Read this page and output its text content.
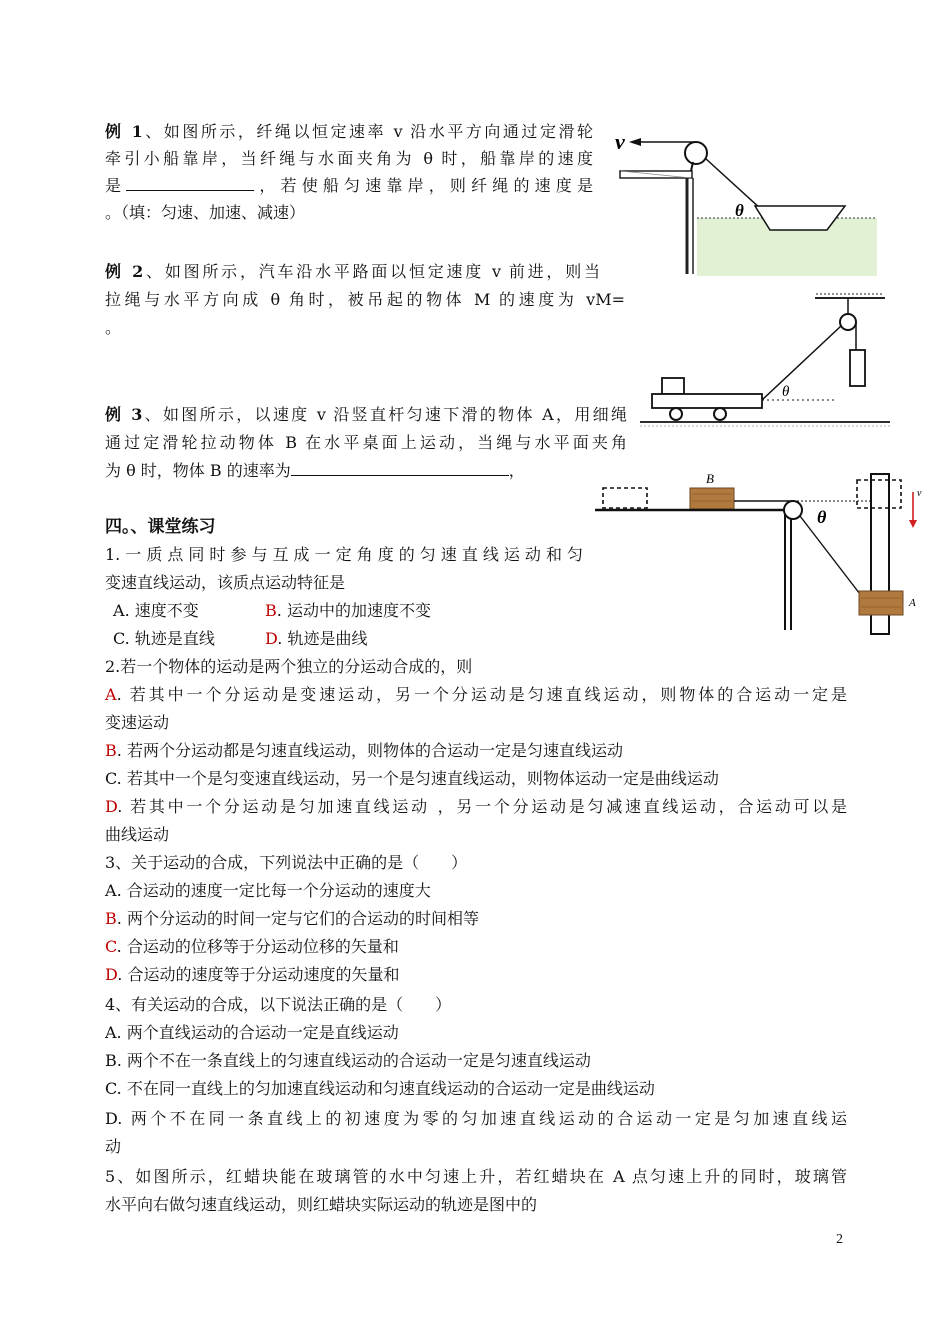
例 1、如图所示，纤绳以恒定速率 v 沿水平方向通过定滑轮
牵引小船靠岸，当纤绳与水面夹角为 θ 时，船靠岸的速度
是	，若使船匀速靠岸，则纤绳的速度是
。（填：匀速、加速、减速）
例 2、如图所示，汽车沿水平路面以恒定速度 v 前进，则当
拉绳与水平方向成 θ 角时，被吊起的物体 M 的速度为 vM=
。
例 3、如图所示，以速度 v 沿竖直杆匀速下滑的物体 A，用细绳
通过定滑轮拉动物体 B 在水平桌面上运动，当绳与水平面夹角
为 θ 时，物体 B 的速率为	，
四。、课堂练习
1.一质点同时参与互成一定角度的匀速直线运动和匀
变速直线运动，该质点运动特征是
A. 速度不变	B. 运动中的加速度不变
C. 轨迹是直线	D. 轨迹是曲线
2.若一个物体的运动是两个独立的分运动合成的，则
A. 若其中一个分运动是变速运动，另一个分运动是匀速直线运动，则物体的合运动一定是
变速运动
B. 若两个分运动都是匀速直线运动，则物体的合运动一定是匀速直线运动
C. 若其中一个是匀变速直线运动，另一个是匀速直线运动，则物体运动一定是曲线运动
D. 若其中一个分运动是匀加速直线运动 ，另一个分运动是匀减速直线运动，合运动可以是
曲线运动
3、关于运动的合成，下列说法中正确的是（　　）
A. 合运动的速度一定比每一个分运动的速度大
B. 两个分运动的时间一定与它们的合运动的时间相等
C. 合运动的位移等于分运动位移的矢量和
D. 合运动的速度等于分运动速度的矢量和
4、有关运动的合成，以下说法正确的是（　　）
A. 两个直线运动的合运动一定是直线运动
B. 两个不在一条直线上的匀速直线运动的合运动一定是匀速直线运动
C. 不在同一直线上的匀加速直线运动和匀速直线运动的合运动一定是曲线运动
D. 两个不在同一条直线上的初速度为零的匀加速直线运动的合运动一定是匀加速直线运
动
5、如图所示，红蜡块能在玻璃管的水中匀速上升，若红蜡块在 A 点匀速上升的同时，玻璃管
水平向右做匀速直线运动，则红蜡块实际运动的轨迹是图中的
v
θ
θ
B
θ
A
v
2
